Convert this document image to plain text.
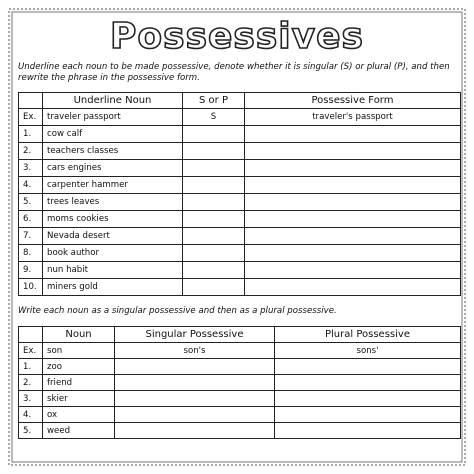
Possessives
Underline each noun to be made possessive, denote whether it is singular (S) or plural (P), and then rewrite the phrase in the possessive form.
	Underline Noun	S or P	Possessive Form
Ex.	traveler passport	S	traveler's passport
1.	cow calf		
2.	teachers classes		
3.	cars engines		
4.	carpenter hammer		
5.	trees leaves		
6.	moms cookies		
7.	Nevada desert		
8.	book author		
9.	nun habit		
10.	miners gold		
Write each noun as a singular possessive and then as a plural possessive.
	Noun	Singular Possessive	Plural Possessive
Ex.	son	son's	sons'
1.	zoo		
2.	friend		
3.	skier		
4.	ox		
5.	weed		
